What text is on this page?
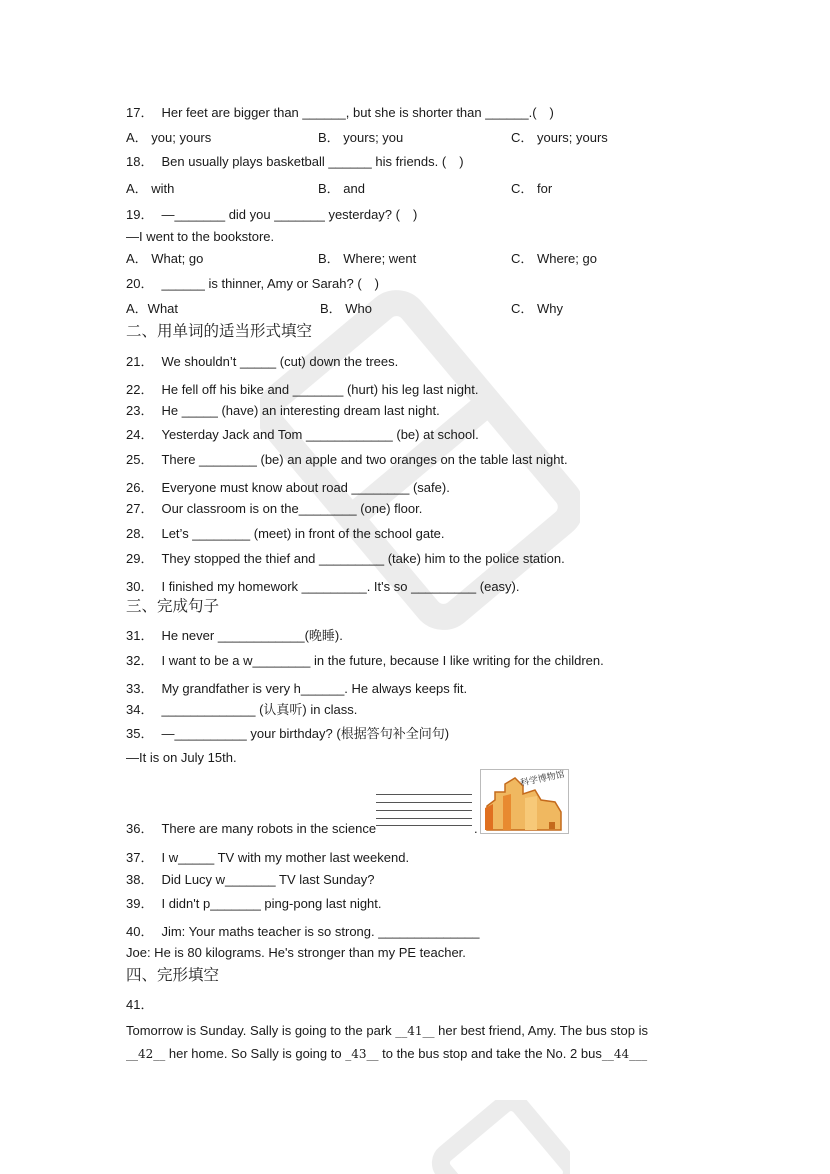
17． Her feet are bigger than ______, but she is shorter than ______.(　)
A． you; yours	B． yours; you	C． yours; yours
18． Ben usually plays basketball ______ his friends. (　)
A． with	B． and	C． for
19． —_______ did you _______ yesterday? (　)
—I went to the bookstore.
A． What; go	B． Where; went	C． Where; go
20． ______ is thinner, Amy or Sarah? (　)
A．What	B． Who	C． Why
二、用单词的适当形式填空
21． We shouldn’t _____ (cut) down the trees.
22． He fell off his bike and _______ (hurt) his leg last night.
23． He _____ (have) an interesting dream last night.
24． Yesterday Jack and Tom ____________ (be) at school.
25． There ________ (be) an apple and two oranges on the table last night.
26． Everyone must know about road ________ (safe).
27． Our classroom is on the________ (one) floor.
28． Let’s ________ (meet) in front of the school gate.
29． They stopped the thief and _________ (take) him to the police station.
30． I finished my homework _________. It's so _________ (easy).
三、完成句子
31． He never ____________(晚睡).
32． I want to be a w________ in the future, because I like writing for the children.
33． My grandfather is very h______. He always keeps fit.
34． _____________ (认真听) in class.
35． —__________ your birthday? (根据答句补全问句)
—It is on July 15th.
36． There are many robots in the science	.
科学博物馆
37． I w_____ TV with my mother last weekend.
38． Did Lucy w_______ TV last Sunday?
39． I didn't p_______ ping-pong last night.
40． Jim: Your maths teacher is so strong. ______________
Joe: He is 80 kilograms. He's stronger than my PE teacher.
四、完形填空
41．
Tomorrow is Sunday. Sally is going to the park __41__ her best friend, Amy. The bus stop is
__42__ her home. So Sally is going to _43__ to the bus stop and take the No. 2 bus__44___
